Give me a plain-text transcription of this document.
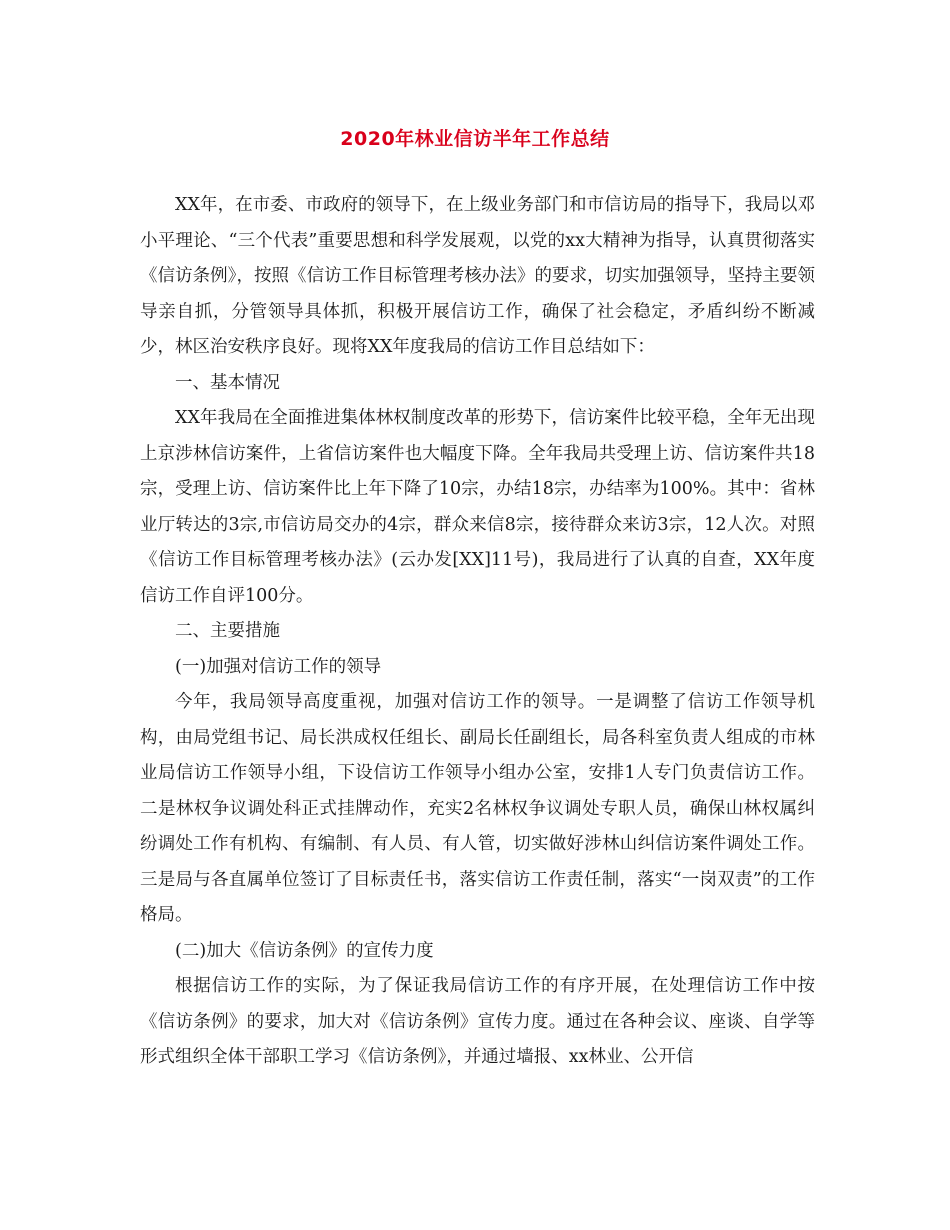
2020年林业信访半年工作总结

XX年，在市委、市政府的领导下，在上级业务部门和市信访局的指导下，我局以邓小平理论、“三个代表”重要思想和科学发展观，以党的xx大精神为指导，认真贯彻落实《信访条例》，按照《信访工作目标管理考核办法》的要求，切实加强领导，坚持主要领导亲自抓，分管领导具体抓，积极开展信访工作，确保了社会稳定，矛盾纠纷不断减少，林区治安秩序良好。现将XX年度我局的信访工作目总结如下：

一、基本情况

XX年我局在全面推进集体林权制度改革的形势下，信访案件比较平稳，全年无出现上京涉林信访案件，上省信访案件也大幅度下降。全年我局共受理上访、信访案件共18宗，受理上访、信访案件比上年下降了10宗，办结18宗，办结率为100%。其中：省林业厅转达的3宗,市信访局交办的4宗，群众来信8宗，接待群众来访3宗，12人次。对照《信访工作目标管理考核办法》(云办发[XX]11号)，我局进行了认真的自查，XX年度信访工作自评100分。

二、主要措施

(一)加强对信访工作的领导

今年，我局领导高度重视，加强对信访工作的领导。一是调整了信访工作领导机构，由局党组书记、局长洪成权任组长、副局长任副组长，局各科室负责人组成的市林业局信访工作领导小组，下设信访工作领导小组办公室，安排1人专门负责信访工作。二是林权争议调处科正式挂牌动作，充实2名林权争议调处专职人员，确保山林权属纠纷调处工作有机构、有编制、有人员、有人管，切实做好涉林山纠信访案件调处工作。三是局与各直属单位签订了目标责任书，落实信访工作责任制，落实“一岗双责”的工作格局。

(二)加大《信访条例》的宣传力度

根据信访工作的实际，为了保证我局信访工作的有序开展，在处理信访工作中按《信访条例》的要求，加大对《信访条例》宣传力度。通过在各种会议、座谈、自学等形式组织全体干部职工学习《信访条例》，并通过墙报、xx林业、公开信
